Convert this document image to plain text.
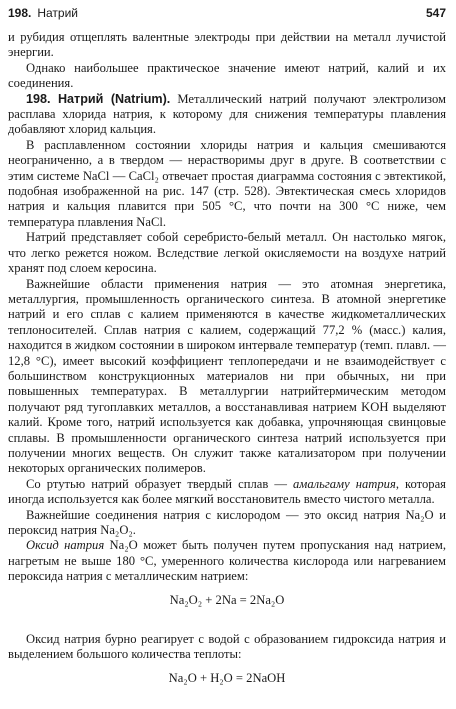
198. Натрий	547

и рубидия отщеплять валентные электроды при действии на металл лучистой энергии.

Однако наибольшее практическое значение имеют натрий, калий и их соединения.

198. Натрий (Natrium). Металлический натрий получают электролизом расплава хлорида натрия, к которому для снижения температуры плавления добавляют хлорид кальция.

В расплавленном состоянии хлориды натрия и кальция смешиваются неограниченно, а в твердом — нерастворимы друг в друге. В соответствии с этим системе NaCl — CaCl₂ отвечает простая диаграмма состояния с эвтектикой, подобная изображенной на рис. 147 (стр. 528). Эвтектическая смесь хлоридов натрия и кальция плавится при 505 °C, что почти на 300 °C ниже, чем температура плавления NaCl.

Натрий представляет собой серебристо-белый металл. Он настолько мягок, что легко режется ножом. Вследствие легкой окисляемости на воздухе натрий хранят под слоем керосина.

Важнейшие области применения натрия — это атомная энергетика, металлургия, промышленность органического синтеза. В атомной энергетике натрий и его сплав с калием применяются в качестве жидкометаллических теплоносителей. Сплав натрия с калием, содержащий 77,2 % (масс.) калия, находится в жидком состоянии в широком интервале температур (темп. плавл. —12,8 °C), имеет высокий коэффициент теплопередачи и не взаимодействует с большинством конструкционных материалов ни при обычных, ни при повышенных температурах. В металлургии натрийтермическим методом получают ряд тугоплавких металлов, а восстанавливая натрием KOH выделяют калий. Кроме того, натрий используется как добавка, упрочняющая свинцовые сплавы. В промышленности органического синтеза натрий используется при получении многих веществ. Он служит также катализатором при получении некоторых органических полимеров.

Со ртутью натрий образует твердый сплав — амальгаму натрия, которая иногда используется как более мягкий восстановитель вместо чистого металла.

Важнейшие соединения натрия с кислородом — это оксид натрия Na₂O и пероксид натрия Na₂O₂.

Оксид натрия Na₂O может быть получен путем пропускания над натрием, нагретым не выше 180 °C, умеренного количества кислорода или нагреванием пероксида натрия с металлическим натрием:

Na₂O₂ + 2Na = 2Na₂O

Оксид натрия бурно реагирует с водой с образованием гидроксида натрия и выделением большого количества теплоты:

Na₂O + H₂O = 2NaOH
